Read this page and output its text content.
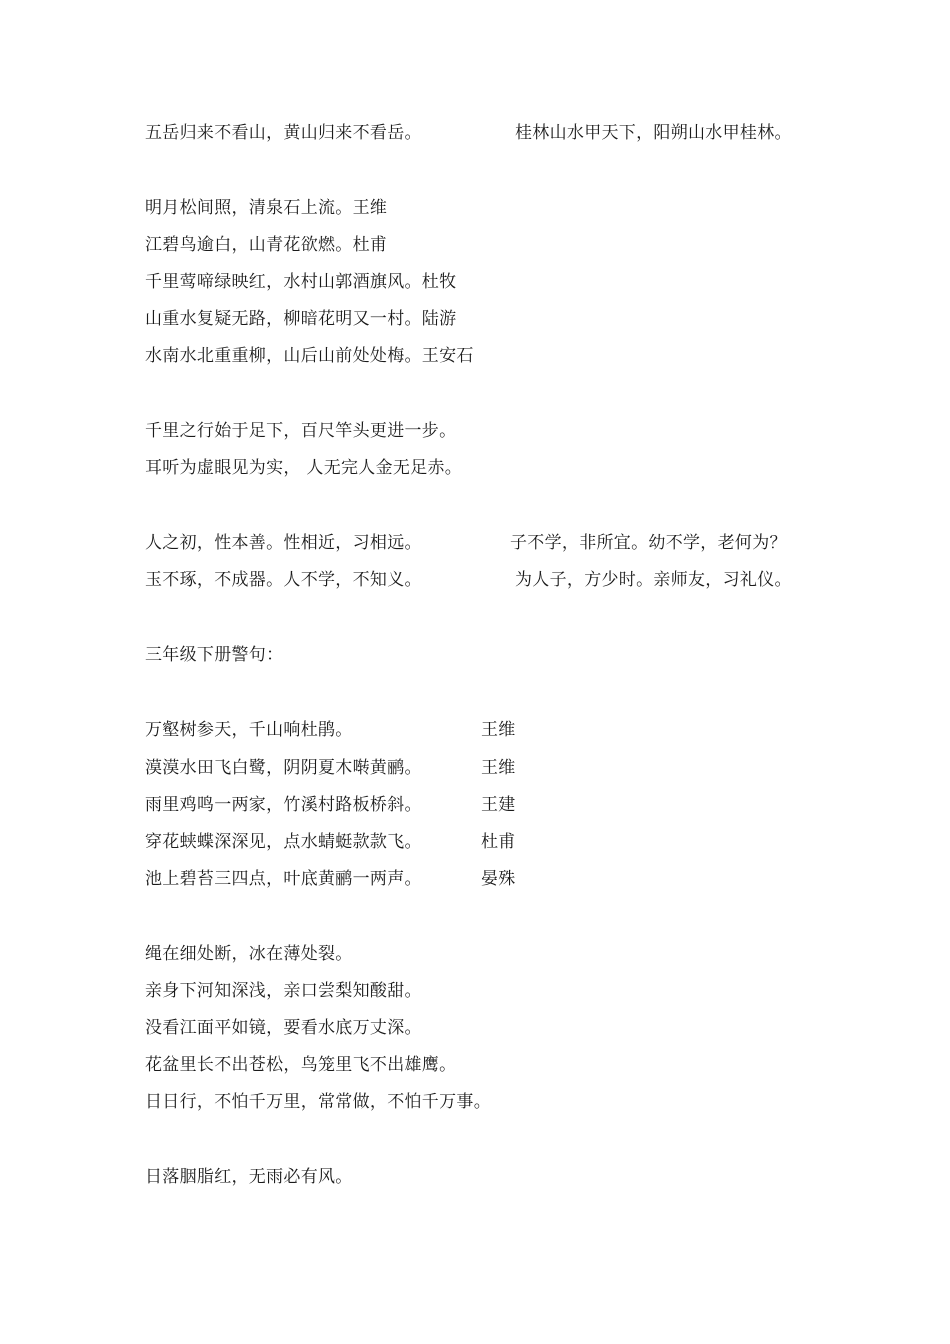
五岳归来不看山，黄山归来不看岳。	桂林山水甲天下，阳朔山水甲桂林。
明月松间照，清泉石上流。王维
江碧鸟逾白，山青花欲燃。杜甫
千里莺啼绿映红，水村山郭酒旗风。杜牧
山重水复疑无路，柳暗花明又一村。陆游
水南水北重重柳，山后山前处处梅。王安石
千里之行始于足下，百尺竿头更进一步。
耳听为虚眼见为实， 人无完人金无足赤。
人之初，性本善。性相近，习相远。	子不学，非所宜。幼不学，老何为？
玉不琢，不成器。人不学，不知义。	为人子，方少时。亲师友，习礼仪。
三年级下册警句：
万壑树参天，千山响杜鹃。	王维
漠漠水田飞白鹭，阴阴夏木啭黄鹂。	王维
雨里鸡鸣一两家，竹溪村路板桥斜。	王建
穿花蛱蝶深深见，点水蜻蜓款款飞。	杜甫
池上碧苔三四点，叶底黄鹂一两声。	晏殊
绳在细处断，冰在薄处裂。
亲身下河知深浅，亲口尝梨知酸甜。
没看江面平如镜，要看水底万丈深。
花盆里长不出苍松，鸟笼里飞不出雄鹰。
日日行，不怕千万里，常常做，不怕千万事。
日落胭脂红，无雨必有风。
